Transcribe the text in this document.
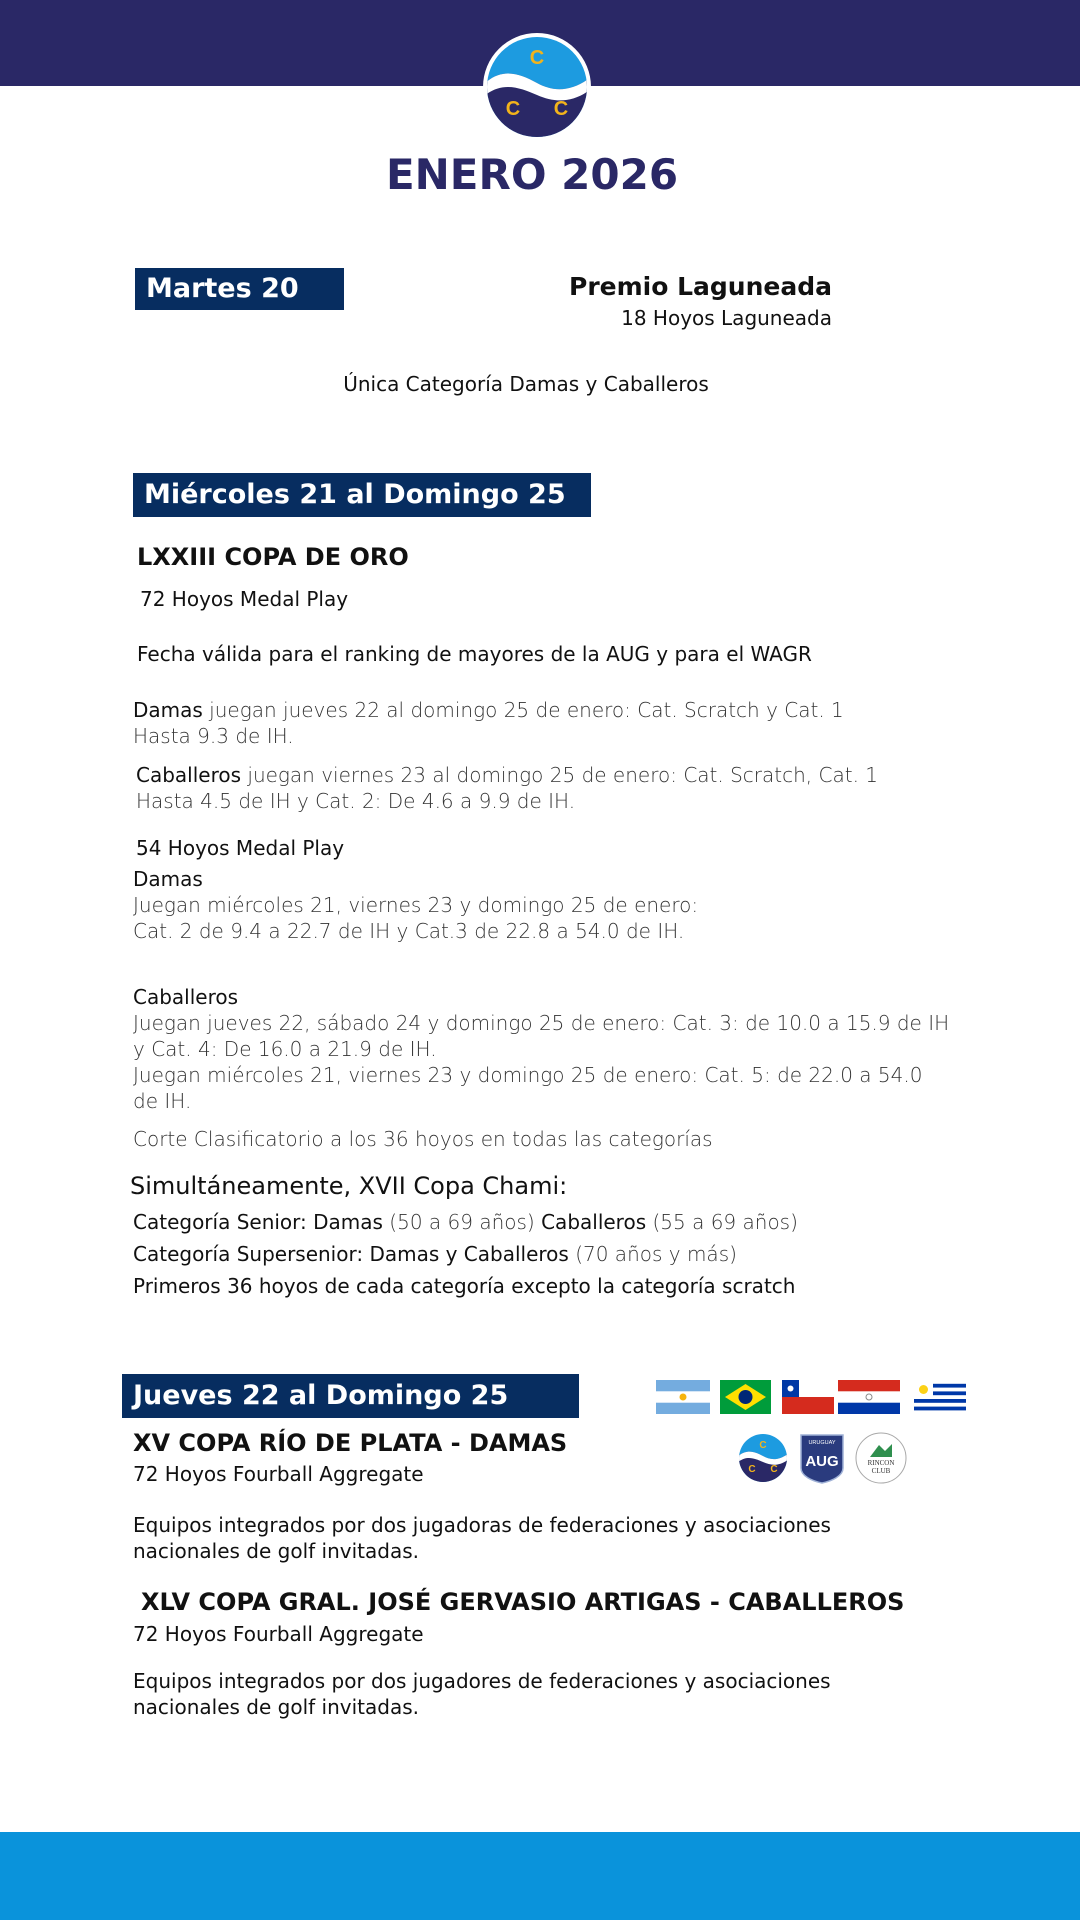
C
C C
ENERO 2026
Martes 20	Premio Laguneada
18 Hoyos Laguneada
Única Categoría Damas y Caballeros
Miércoles 21 al Domingo 25
LXXIII COPA DE ORO
72 Hoyos Medal Play
Fecha válida para el ranking de mayores de la AUG y para el WAGR
Damas juegan jueves 22 al domingo 25 de enero: Cat. Scratch y Cat. 1
Hasta 9.3 de IH.
Caballeros juegan viernes 23 al domingo 25 de enero: Cat. Scratch, Cat. 1
Hasta 4.5 de IH y Cat. 2: De 4.6 a 9.9 de IH.
54 Hoyos Medal Play
Damas
Juegan miércoles 21, viernes 23 y domingo 25 de enero:
Cat. 2 de 9.4 a 22.7 de IH y Cat.3 de 22.8 a 54.0 de IH.
Caballeros
Juegan jueves 22, sábado 24 y domingo 25 de enero: Cat. 3: de 10.0 a 15.9 de IH
y Cat. 4: De 16.0 a 21.9 de IH.
Juegan miércoles 21, viernes 23 y domingo 25 de enero: Cat. 5: de 22.0 a 54.0
de IH.
Corte Clasificatorio a los 36 hoyos en todas las categorías
Simultáneamente, XVII Copa Chami:
Categoría Senior: Damas (50 a 69 años) Caballeros (55 a 69 años)
Categoría Supersenior: Damas y Caballeros (70 años y más)
Primeros 36 hoyos de cada categoría excepto la categoría scratch
Jueves 22 al Domingo 25
C
C C
URUGUAY
AUG	RINCON
CLUB
XV COPA RÍO DE PLATA - DAMAS
72 Hoyos Fourball Aggregate
Equipos integrados por dos jugadoras de federaciones y asociaciones
nacionales de golf invitadas.
XLV COPA GRAL. JOSÉ GERVASIO ARTIGAS - CABALLEROS
72 Hoyos Fourball Aggregate
Equipos integrados por dos jugadores de federaciones y asociaciones
nacionales de golf invitadas.
